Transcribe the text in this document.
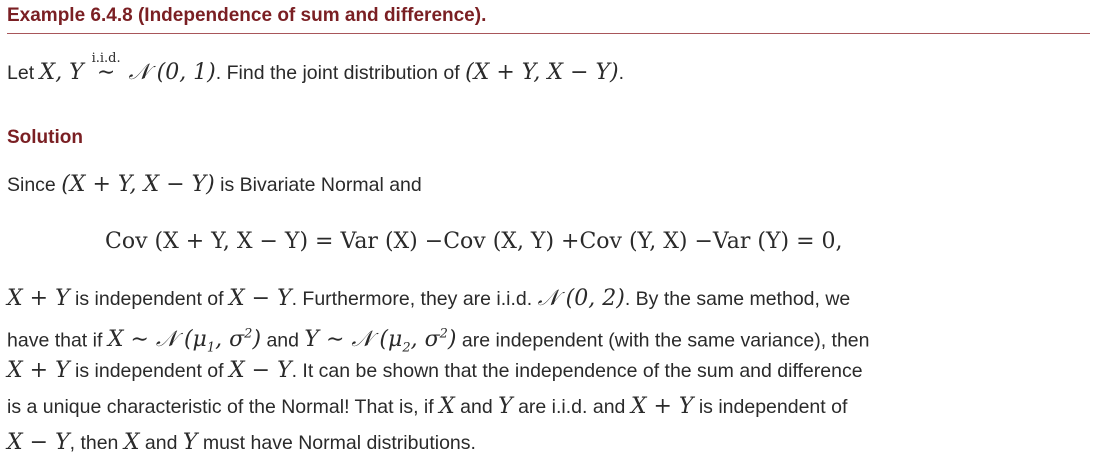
Example 6.4.8 (Independence of sum and difference).
Let X, Y
i.i.d.
∼ 𝒩 (0, 1). Find the joint distribution of (X + Y, X − Y).
Solution
Since (X + Y, X − Y) is Bivariate Normal and
Cov (X + Y, X − Y) = Var (X) −Cov (X, Y) +Cov (Y, X) −Var (Y) = 0,
X + Y is independent of X − Y. Furthermore, they are i.i.d. 𝒩 (0, 2). By the same method, we
have that if X ∼ 𝒩 ($\mu_1$, $\sigma^2$) and Y ∼ 𝒩 ($\mu_2$, $\sigma^2$) are independent (with the same variance), then
X + Y is independent of X − Y. It can be shown that the independence of the sum and difference
is a unique characteristic of the Normal! That is, if X and Y are i.i.d. and X + Y is independent of
X − Y, then X and Y must have Normal distributions.
